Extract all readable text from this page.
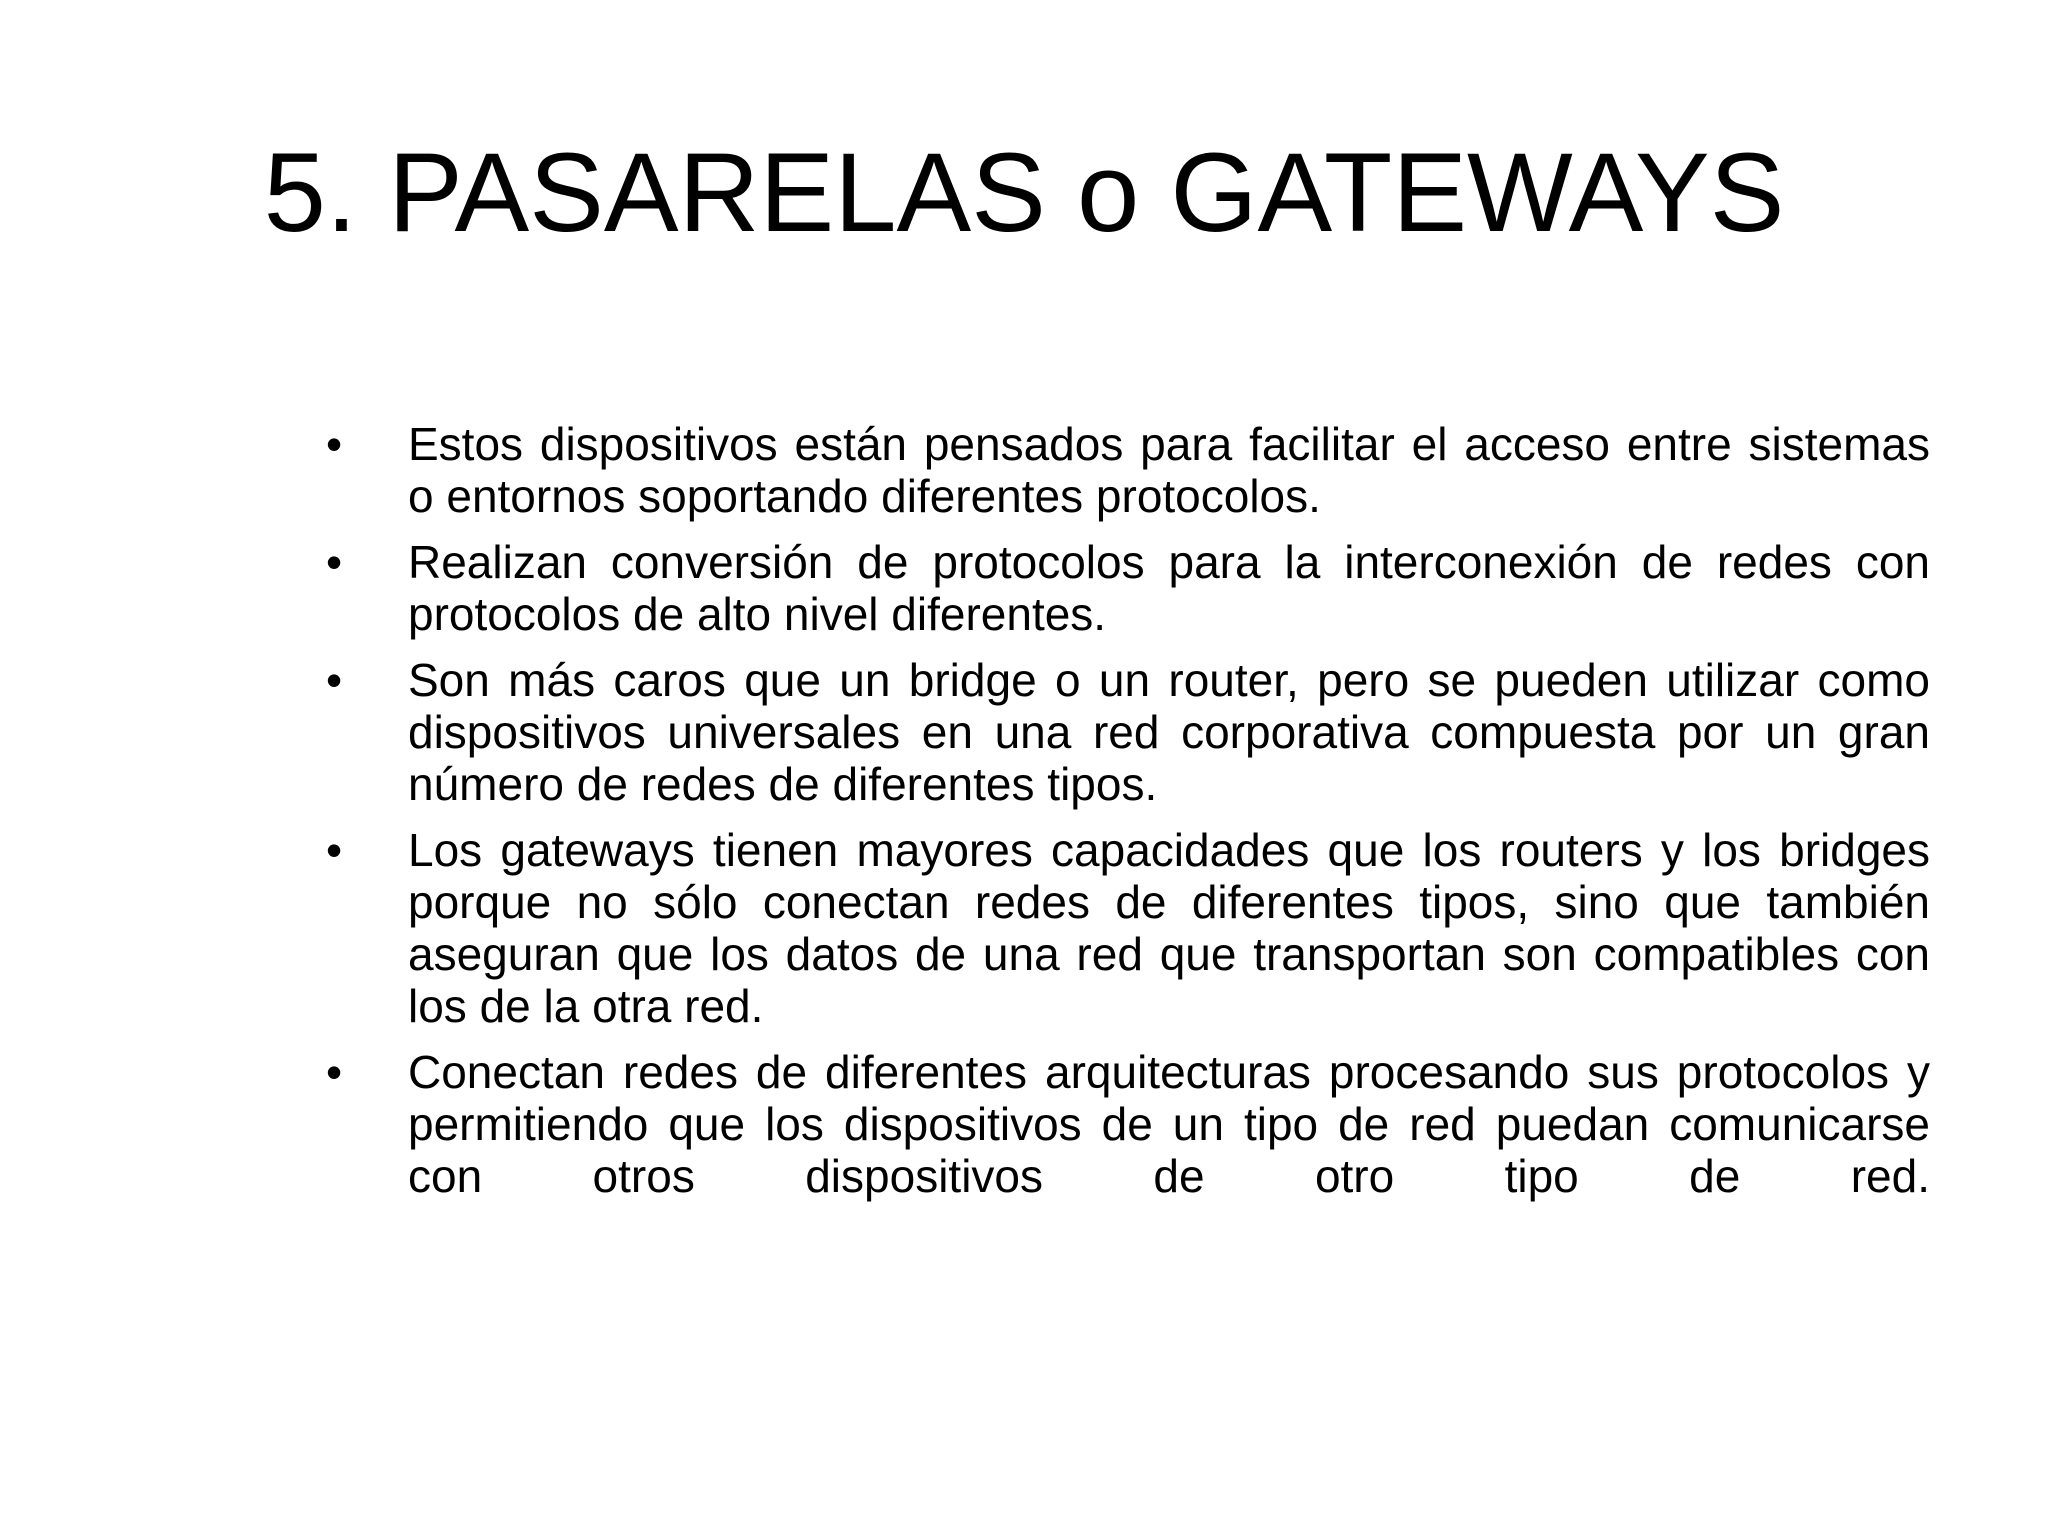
5. PASARELAS o GATEWAYS
• Estos dispositivos están pensados para facilitar el acceso entre sistemas o entornos soportando diferentes protocolos.
• Realizan conversión de protocolos para la interconexión de redes con protocolos de alto nivel diferentes.
• Son más caros que un bridge o un router, pero se pueden utilizar como dispositivos universales en una red corporativa compuesta por un gran número de redes de diferentes tipos.
• Los gateways tienen mayores capacidades que los routers y los bridges porque no sólo conectan redes de diferentes tipos, sino que también aseguran que los datos de una red que transportan son compatibles con los de la otra red.
• Conectan redes de diferentes arquitecturas procesando sus protocolos y permitiendo que los dispositivos de un tipo de red puedan comunicarse con otros dispositivos de otro tipo de red.
